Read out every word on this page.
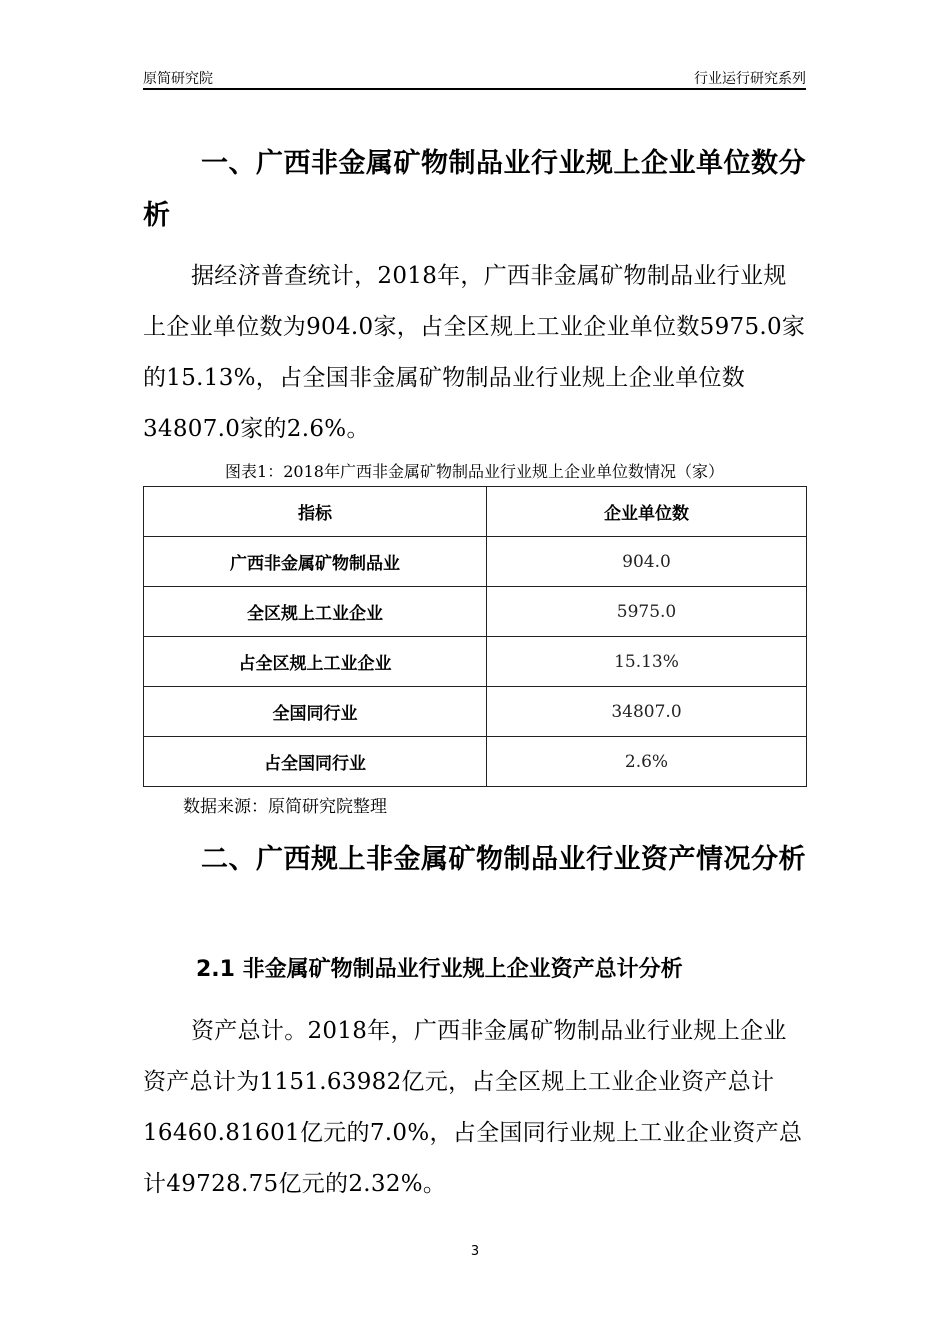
原简研究院	行业运行研究系列
一、广西非金属矿物制品业行业规上企业单位数分析
据经济普查统计，2018年，广西非金属矿物制品业行业规上企业单位数为904.0家，占全区规上工业企业单位数5975.0家的15.13%，占全国非金属矿物制品业行业规上企业单位数34807.0家的2.6%。
图表1：2018年广西非金属矿物制品业行业规上企业单位数情况（家）
指标	企业单位数
广西非金属矿物制品业	904.0
全区规上工业企业	5975.0
占全区规上工业企业	15.13%
全国同行业	34807.0
占全国同行业	2.6%
数据来源：原简研究院整理
二、广西规上非金属矿物制品业行业资产情况分析
2.1 非金属矿物制品业行业规上企业资产总计分析
资产总计。2018年，广西非金属矿物制品业行业规上企业资产总计为1151.63982亿元，占全区规上工业企业资产总计16460.81601亿元的7.0%，占全国同行业规上工业企业资产总计49728.75亿元的2.32%。
3
